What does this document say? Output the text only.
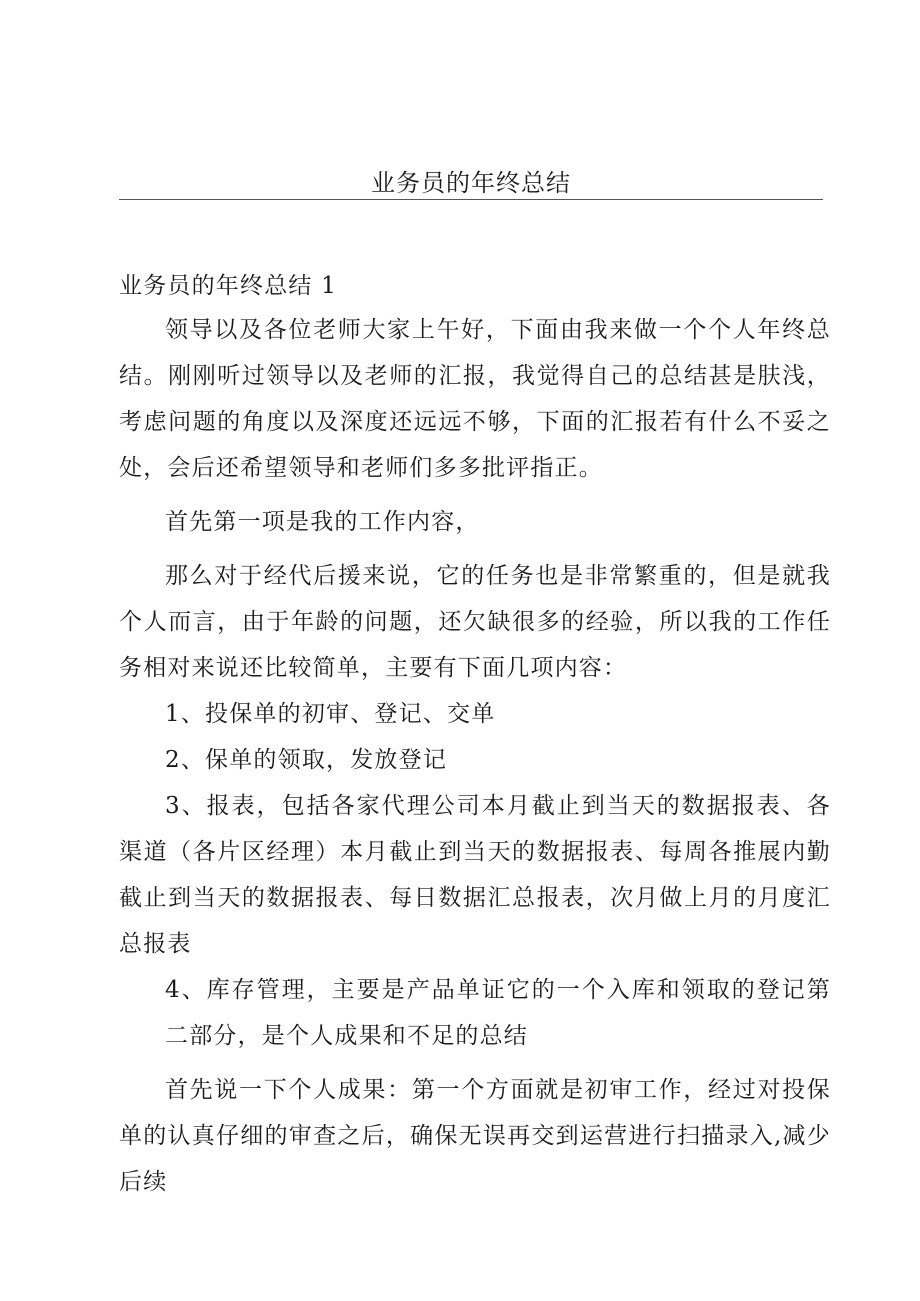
业务员的年终总结

业务员的年终总结 1

领导以及各位老师大家上午好，下面由我来做一个个人年终总结。刚刚听过领导以及老师的汇报，我觉得自己的总结甚是肤浅，考虑问题的角度以及深度还远远不够，下面的汇报若有什么不妥之处，会后还希望领导和老师们多多批评指正。

首先第一项是我的工作内容，

那么对于经代后援来说，它的任务也是非常繁重的，但是就我个人而言，由于年龄的问题，还欠缺很多的经验，所以我的工作任务相对来说还比较简单，主要有下面几项内容：

1、投保单的初审、登记、交单

2、保单的领取，发放登记

3、报表，包括各家代理公司本月截止到当天的数据报表、各渠道（各片区经理）本月截止到当天的数据报表、每周各推展内勤截止到当天的数据报表、每日数据汇总报表，次月做上月的月度汇总报表

4、库存管理，主要是产品单证它的一个入库和领取的登记第二部分，是个人成果和不足的总结

首先说一下个人成果：第一个方面就是初审工作，经过对投保单的认真仔细的审查之后，确保无误再交到运营进行扫描录入,减少后续
